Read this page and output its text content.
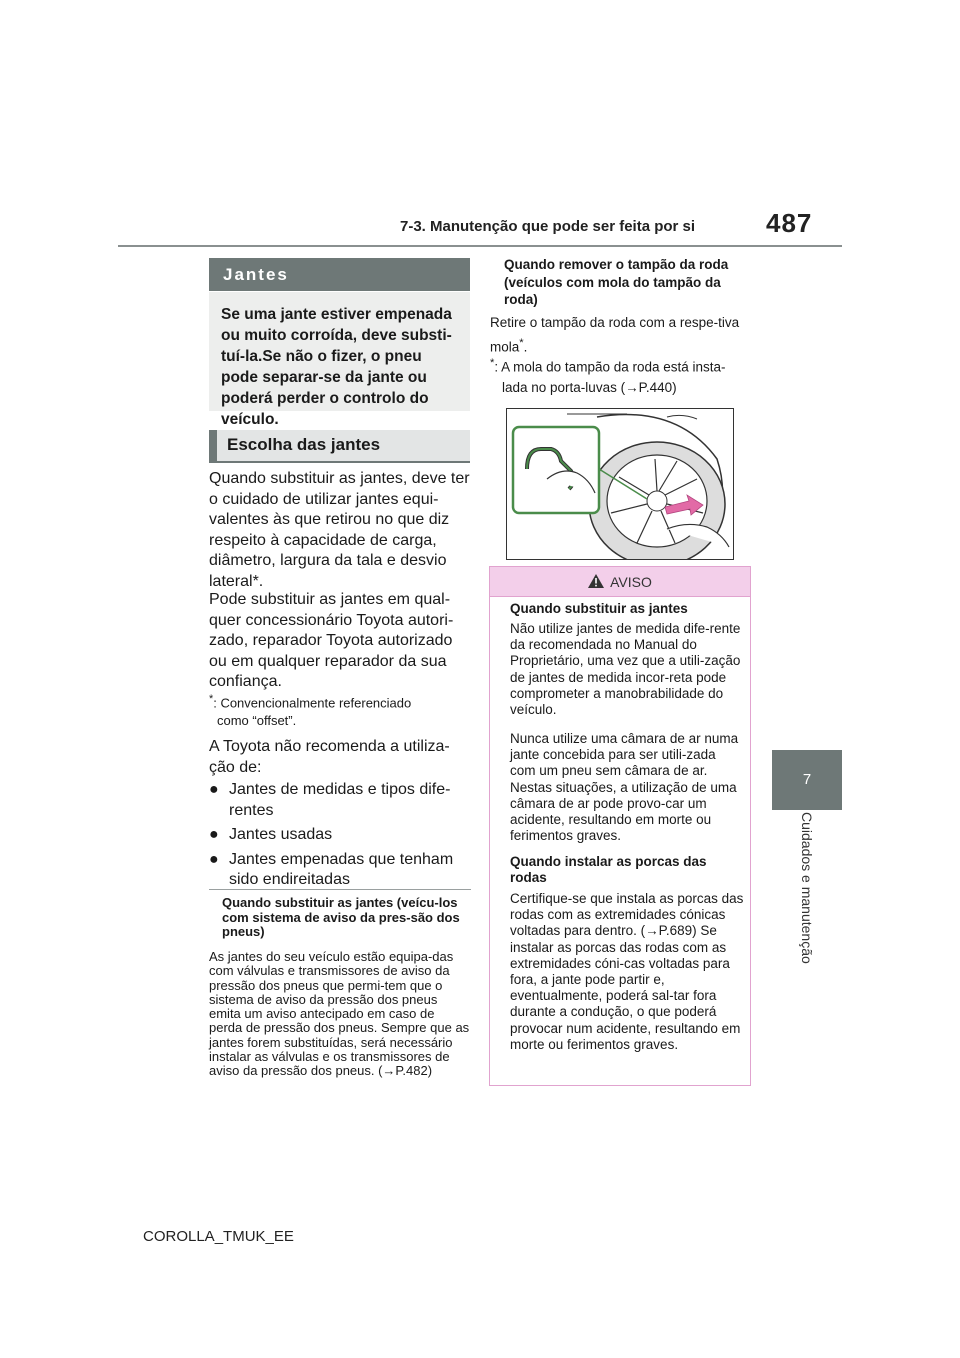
7-3. Manutenção que pode ser feita por si	487
7
Cuidados e manutenção
Jantes
Se uma jante estiver empenada ou muito corroída, deve substi-tuí-la.Se não o fizer, o pneu pode separar-se da jante ou poderá perder o controlo do veículo.
Escolha das jantes
Quando substituir as jantes, deve ter o cuidado de utilizar jantes equi-valentes às que retirou no que diz respeito à capacidade de carga, diâmetro, largura da tala e desvio lateral*.
Pode substituir as jantes em qual-quer concessionário Toyota autori-zado, reparador Toyota autorizado ou em qualquer reparador da sua confiança.
*: Convencionalmente referenciado
como “offset”.
A Toyota não recomenda a utiliza-ção de:
● Jantes de medidas e tipos dife-rentes
● Jantes usadas
● Jantes empenadas que tenham sido endireitadas
Quando substituir as jantes (veícu-los com sistema de aviso da pres-são dos pneus)
As jantes do seu veículo estão equipa-das com válvulas e transmissores de aviso da pressão dos pneus que permi-tem que o sistema de aviso da pressão dos pneus emita um aviso antecipado em caso de perda de pressão dos pneus. Sempre que as jantes forem substituídas, será necessário instalar as válvulas e os transmissores de aviso da pressão dos pneus. (→P.482)
Quando remover o tampão da roda (veículos com mola do tampão da roda)
Retire o tampão da roda com a respe-tiva mola*.
*: A mola do tampão da roda está insta-
lada no porta-luvas (→P.440)
AVISO
Quando substituir as jantes
Não utilize jantes de medida dife-rente da recomendada no Manual do Proprietário, uma vez que a utili-zação de jantes de medida incor-reta pode comprometer a manobrabilidade do veículo.
Nunca utilize uma câmara de ar numa jante concebida para ser utili-zada com um pneu sem câmara de ar. Nestas situações, a utilização de uma câmara de ar pode provo-car um acidente, resultando em morte ou ferimentos graves.
Quando instalar as porcas das rodas
Certifique-se que instala as porcas das rodas com as extremidades cónicas voltadas para dentro. (→P.689) Se instalar as porcas das rodas com as extremidades cóni-cas voltadas para fora, a jante pode partir e, eventualmente, poderá sal-tar fora durante a condução, o que poderá provocar num acidente, resultando em morte ou ferimentos graves.
COROLLA_TMUK_EE
